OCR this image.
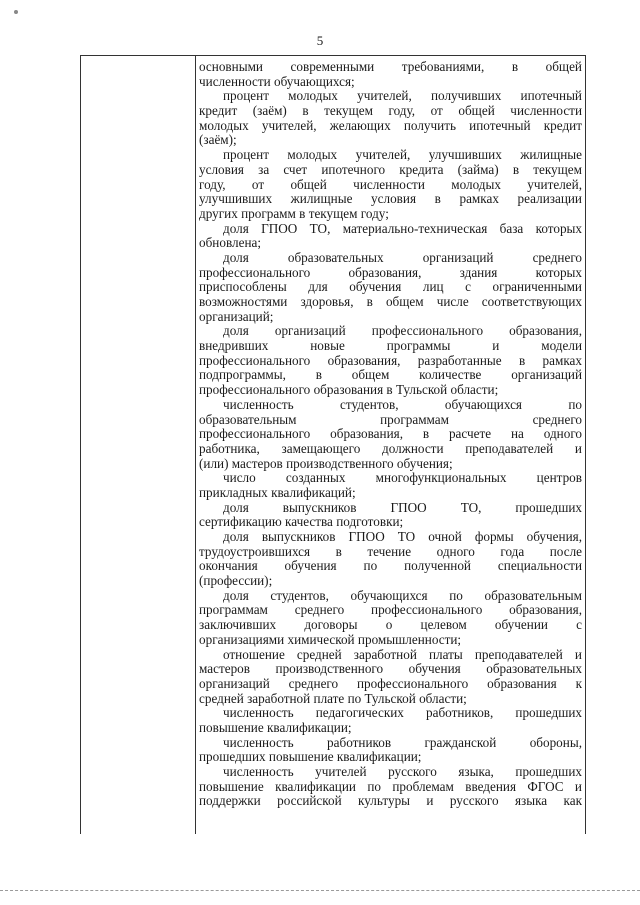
5
основными современными требованиями, в общей
численности обучающихся;
процент молодых учителей, получивших ипотечный
кредит (заём) в текущем году, от общей численности
молодых учителей, желающих получить ипотечный кредит
(заём);
процент молодых учителей, улучшивших жилищные
условия за счет ипотечного кредита (займа) в текущем
году, от общей численности молодых учителей,
улучшивших жилищные условия в рамках реализации
других программ в текущем году;
доля ГПОО ТО, материально-техническая база которых
обновлена;
доля образовательных организаций среднего
профессионального образования, здания которых
приспособлены для обучения лиц с ограниченными
возможностями здоровья, в общем числе соответствующих
организаций;
доля организаций профессионального образования,
внедривших новые программы и модели
профессионального образования, разработанные в рамках
подпрограммы, в общем количестве организаций
профессионального образования в Тульской области;
численность студентов, обучающихся по
образовательным программам среднего
профессионального образования, в расчете на одного
работника, замещающего должности преподавателей и
(или) мастеров производственного обучения;
число созданных многофункциональных центров
прикладных квалификаций;
доля выпускников ГПОО ТО, прошедших
сертификацию качества подготовки;
доля выпускников ГПОО ТО очной формы обучения,
трудоустроившихся в течение одного года после
окончания обучения по полученной специальности
(профессии);
доля студентов, обучающихся по образовательным
программам среднего профессионального образования,
заключивших договоры о целевом обучении с
организациями химической промышленности;
отношение средней заработной платы преподавателей и
мастеров производственного обучения образовательных
организаций среднего профессионального образования к
средней заработной плате по Тульской области;
численность педагогических работников, прошедших
повышение квалификации;
численность работников гражданской обороны,
прошедших повышение квалификации;
численность учителей русского языка, прошедших
повышение квалификации по проблемам введения ФГОС и
поддержки российской культуры и русского языка как
